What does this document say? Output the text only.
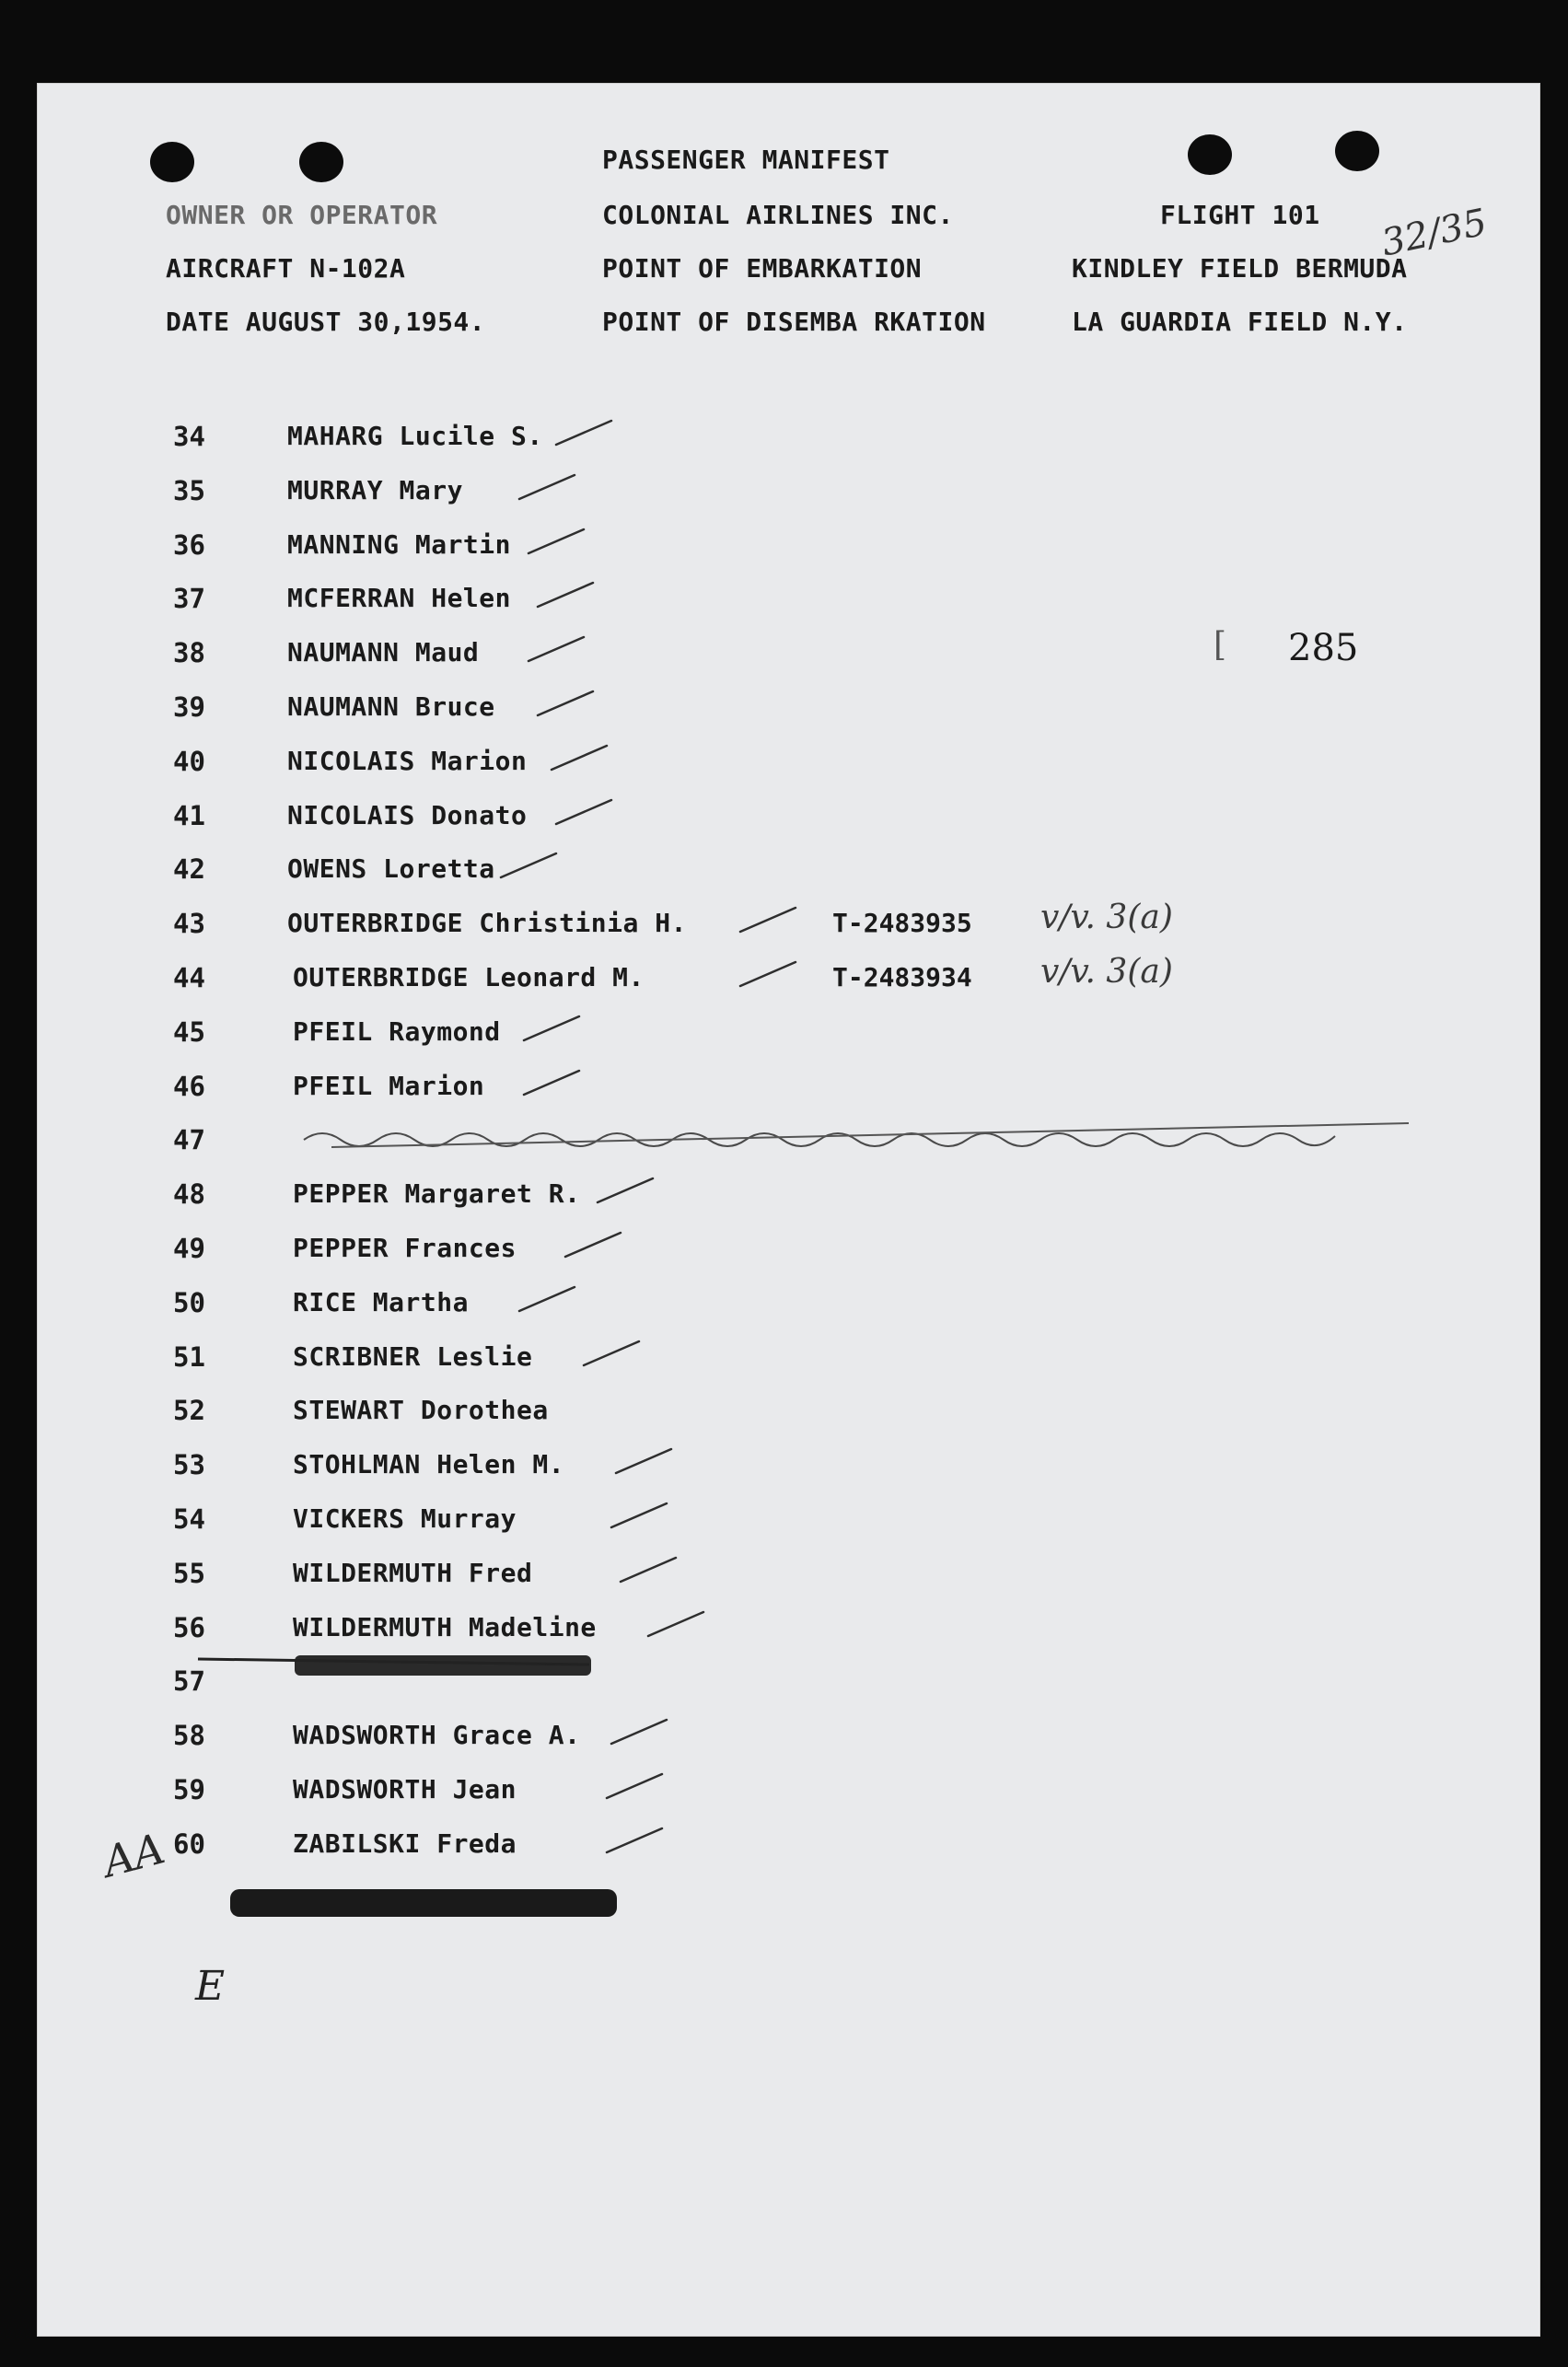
PASSENGER MANIFEST
OWNER OR OPERATOR	COLONIAL AIRLINES INC.	FLIGHT 101
AIRCRAFT N-102A	POINT OF EMBARKATION	KINDLEY FIELD BERMUDA
DATE AUGUST 30,1954.	POINT OF DISEMBA RKATION	LA GUARDIA FIELD N.Y.
32/35
[ 285
34	MAHARG Lucile S.
35	MURRAY Mary
36	MANNING Martin
37	MCFERRAN Helen
38	NAUMANN Maud
39	NAUMANN Bruce
40	NICOLAIS Marion
41	NICOLAIS Donato
42	OWENS Loretta
43	OUTERBRIDGE Christinia H.	T-2483935 v/v. 3(a)
44	OUTERBRIDGE Leonard M.	T-2483934 v/v. 3(a)
45	PFEIL Raymond
46	PFEIL Marion
47
48	PEPPER Margaret R.
49	PEPPER Frances
50	RICE Martha
51	SCRIBNER Leslie
52	STEWART Dorothea
53	STOHLMAN Helen M.
54	VICKERS Murray
55	WILDERMUTH Fred
56	WILDERMUTH Madeline
57
58	WADSWORTH Grace A.
59	WADSWORTH Jean
60	ZABILSKI Freda
AA
E
